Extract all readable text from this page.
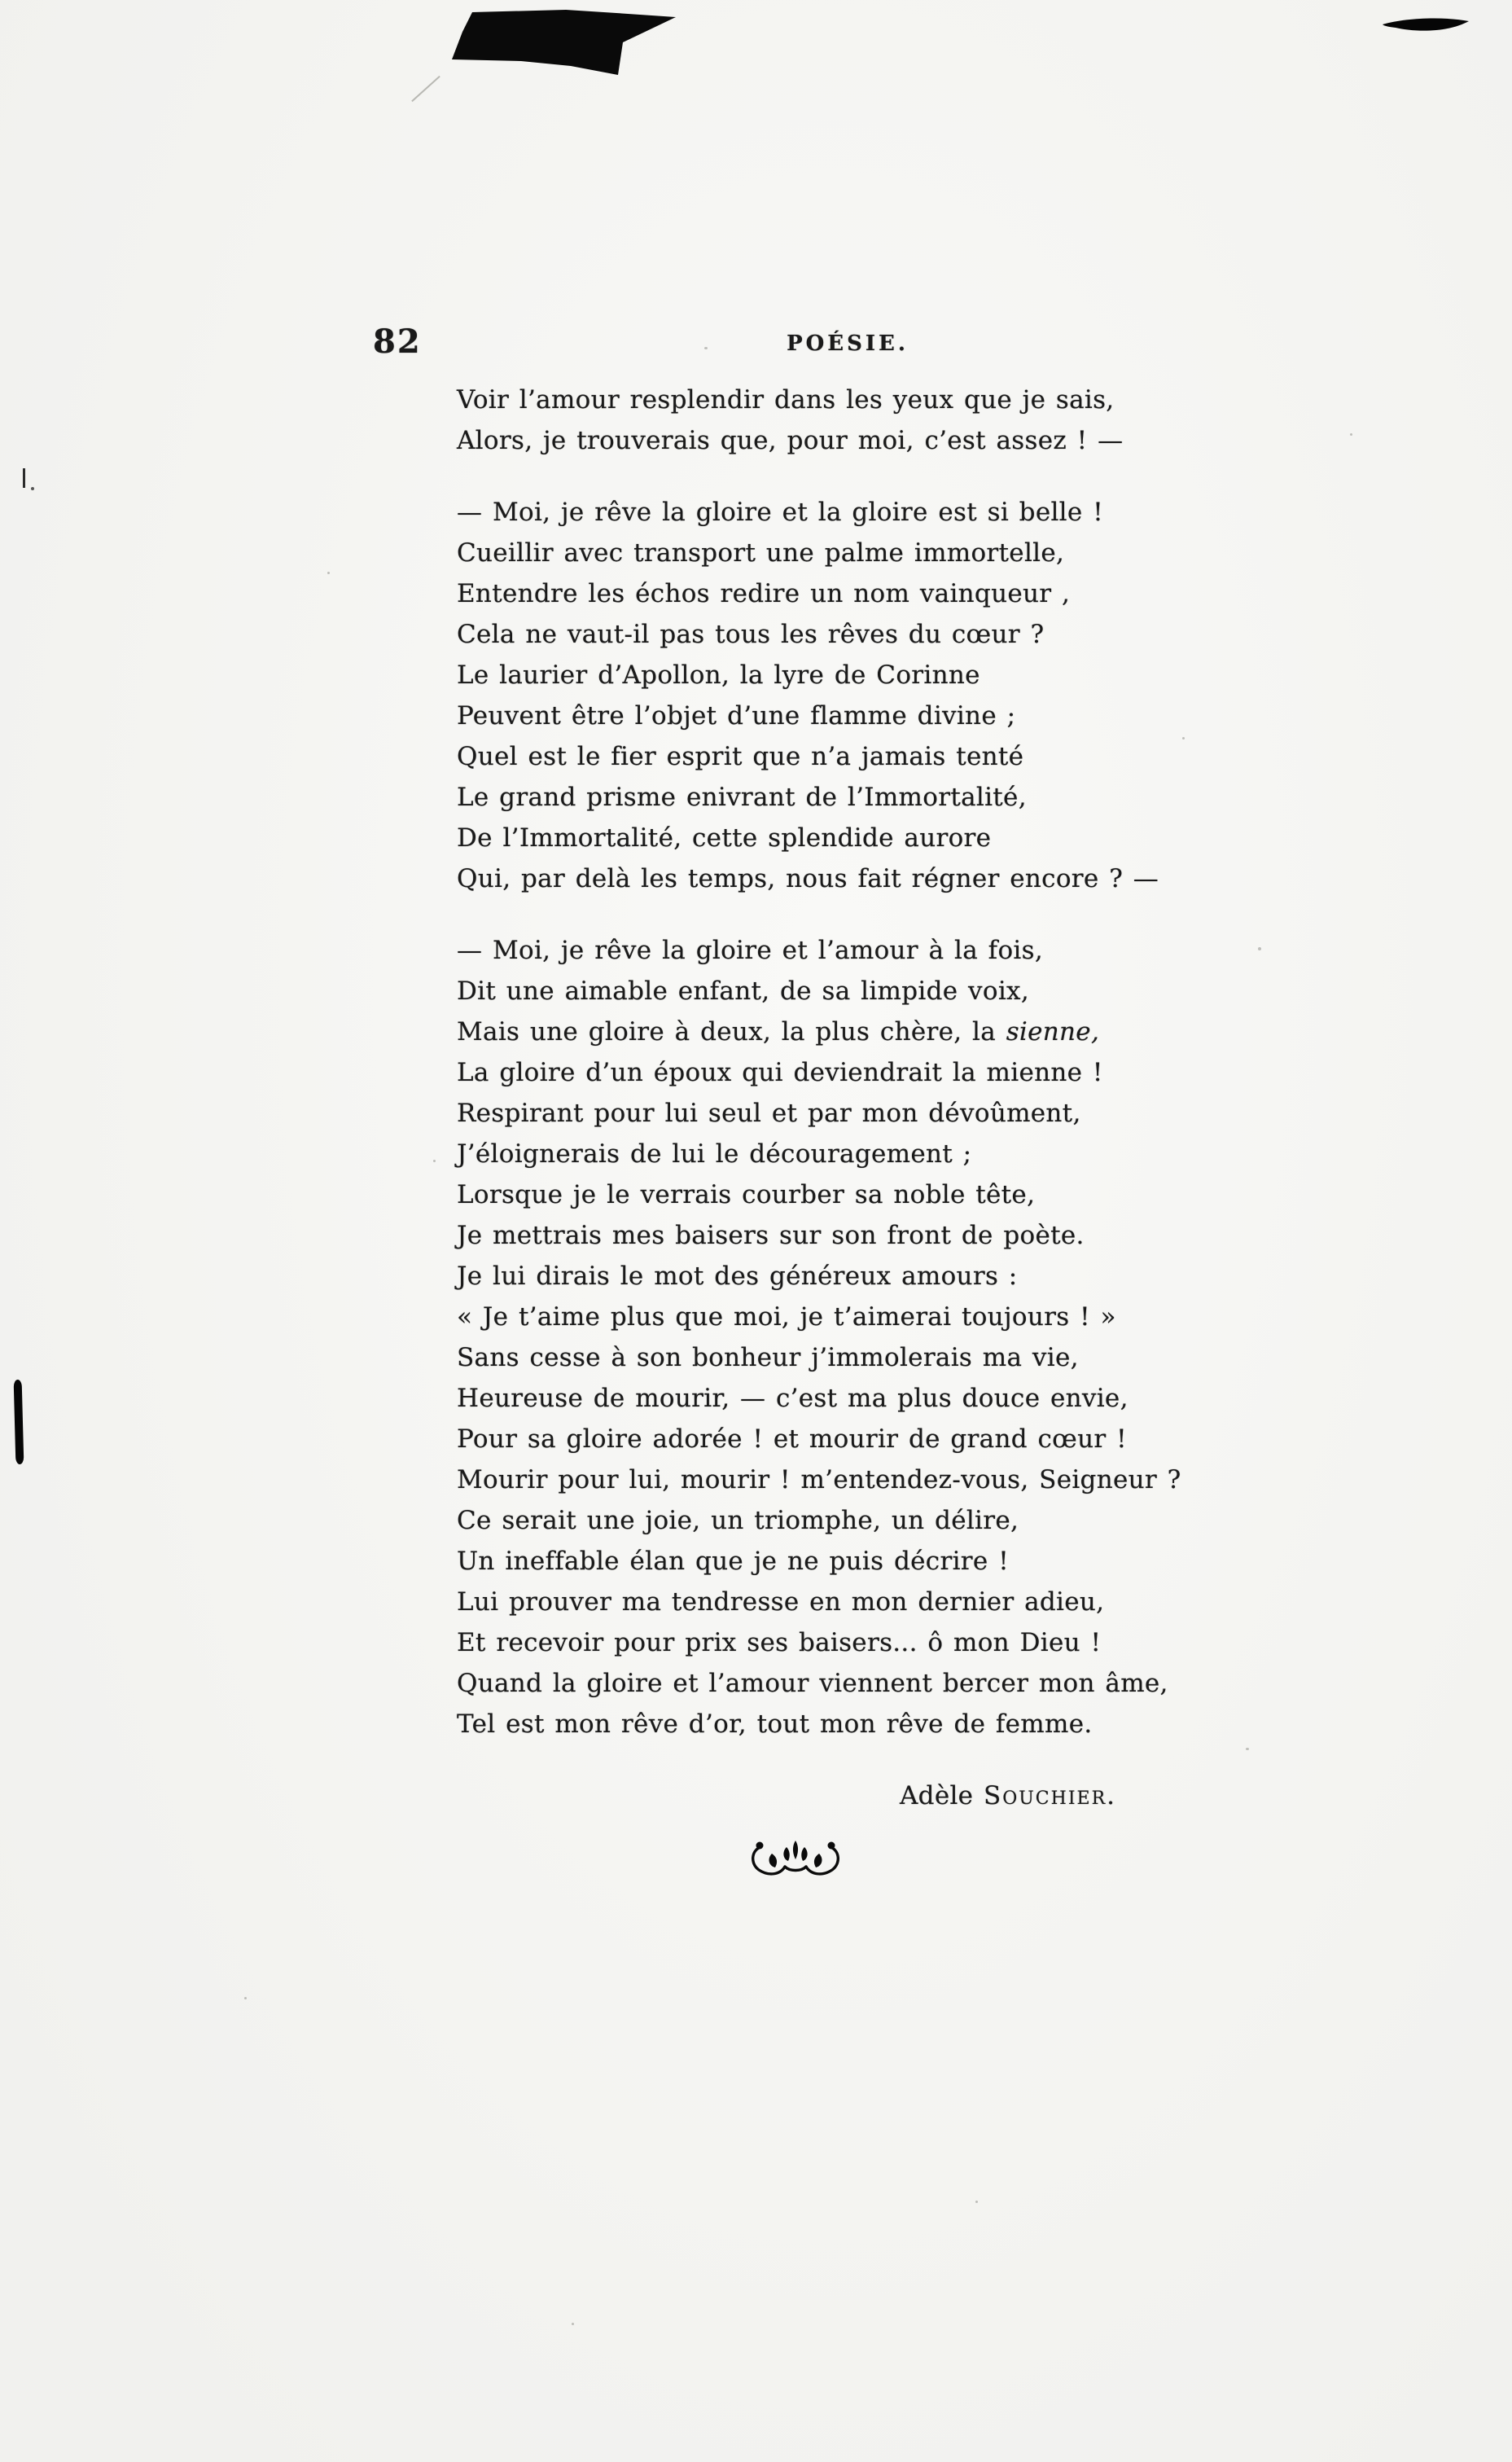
82	POÉSIE.
Voir l’amour resplendir dans les yeux que je sais,
Alors, je trouverais que, pour moi, c’est assez ! —
— Moi, je rêve la gloire et la gloire est si belle !
Cueillir avec transport une palme immortelle,
Entendre les échos redire un nom vainqueur ,
Cela ne vaut-il pas tous les rêves du cœur ?
Le laurier d’Apollon, la lyre de Corinne
Peuvent être l’objet d’une flamme divine ;
Quel est le fier esprit que n’a jamais tenté
Le grand prisme enivrant de l’Immortalité,
De l’Immortalité, cette splendide aurore
Qui, par delà les temps, nous fait régner encore ? —
— Moi, je rêve la gloire et l’amour à la fois,
Dit une aimable enfant, de sa limpide voix,
Mais une gloire à deux, la plus chère, la sienne,
La gloire d’un époux qui deviendrait la mienne !
Respirant pour lui seul et par mon dévoûment,
J’éloignerais de lui le découragement ;
Lorsque je le verrais courber sa noble tête,
Je mettrais mes baisers sur son front de poète.
Je lui dirais le mot des généreux amours :
« Je t’aime plus que moi, je t’aimerai toujours ! »
Sans cesse à son bonheur j’immolerais ma vie,
Heureuse de mourir, — c’est ma plus douce envie,
Pour sa gloire adorée ! et mourir de grand cœur !
Mourir pour lui, mourir ! m’entendez-vous, Seigneur ?
Ce serait une joie, un triomphe, un délire,
Un ineffable élan que je ne puis décrire !
Lui prouver ma tendresse en mon dernier adieu,
Et recevoir pour prix ses baisers... ô mon Dieu !
Quand la gloire et l’amour viennent bercer mon âme,
Tel est mon rêve d’or, tout mon rêve de femme.
Adèle Souchier.
